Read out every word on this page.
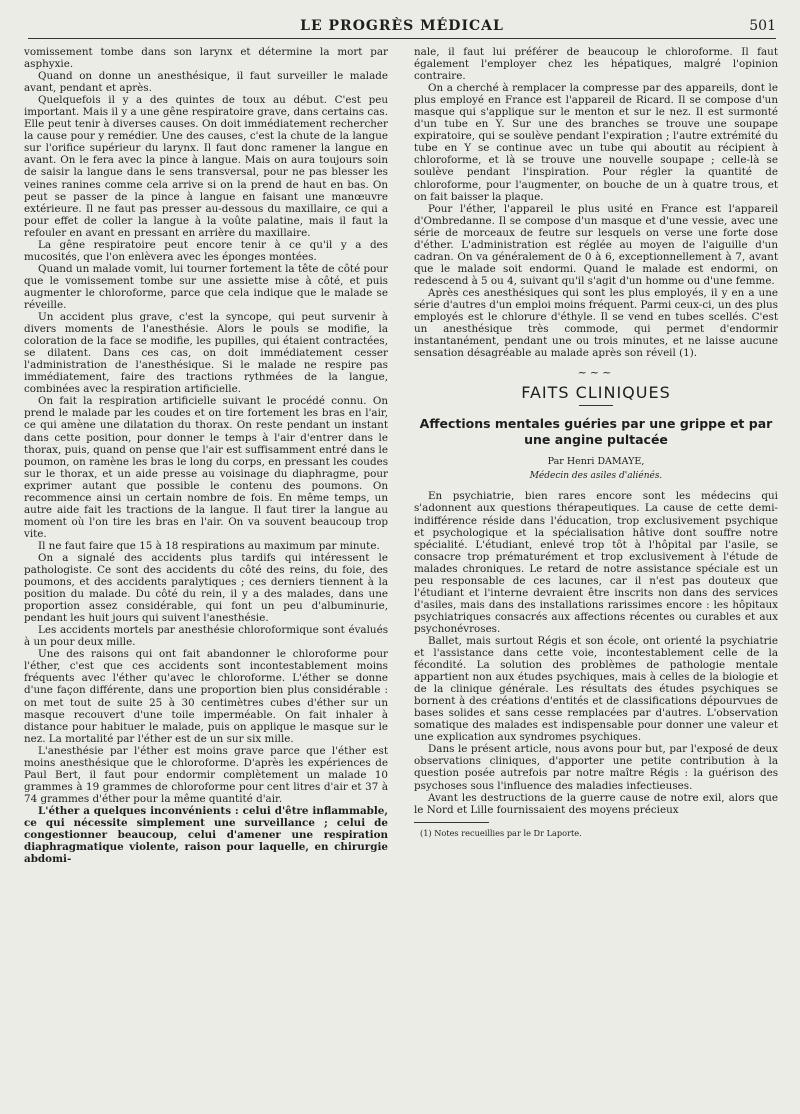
LE PROGRÈS MÉDICAL	501

vomissement tombe dans son larynx et détermine la mort par asphyxie.

Quand on donne un anesthésique, il faut surveiller le malade avant, pendant et après.

Quelquefois il y a des quintes de toux au début. C'est peu important. Mais il y a une gêne respiratoire grave, dans certains cas. Elle peut tenir à diverses causes. On doit immédiatement rechercher la cause pour y remédier. Une des causes, c'est la chute de la langue sur l'orifice supérieur du larynx. Il faut donc ramener la langue en avant. On le fera avec la pince à langue. Mais on aura toujours soin de saisir la langue dans le sens transversal, pour ne pas blesser les veines ranines comme cela arrive si on la prend de haut en bas. On peut se passer de la pince à langue en faisant une manœuvre extérieure. Il ne faut pas presser au-dessous du maxillaire, ce qui a pour effet de coller la langue à la voûte palatine, mais il faut la refouler en avant en pressant en arrière du maxillaire.

La gêne respiratoire peut encore tenir à ce qu'il y a des mucosités, que l'on enlèvera avec les éponges montées.

Quand un malade vomit, lui tourner fortement la tête de côté pour que le vomissement tombe sur une assiette mise à côté, et puis augmenter le chloroforme, parce que cela indique que le malade se réveille.

Un accident plus grave, c'est la syncope, qui peut survenir à divers moments de l'anesthésie. Alors le pouls se modifie, la coloration de la face se modifie, les pupilles, qui étaient contractées, se dilatent. Dans ces cas, on doit immédiatement cesser l'administration de l'anesthésique. Si le malade ne respire pas immédiatement, faire des tractions rythmées de la langue, combinées avec la respiration artificielle.

On fait la respiration artificielle suivant le procédé connu. On prend le malade par les coudes et on tire fortement les bras en l'air, ce qui amène une dilatation du thorax. On reste pendant un instant dans cette position, pour donner le temps à l'air d'entrer dans le thorax, puis, quand on pense que l'air est suffisamment entré dans le poumon, on ramène les bras le long du corps, en pressant les coudes sur le thorax, et un aide presse au voisinage du diaphragme, pour exprimer autant que possible le contenu des poumons. On recommence ainsi un certain nombre de fois. En même temps, un autre aide fait les tractions de la langue. Il faut tirer la langue au moment où l'on tire les bras en l'air. On va souvent beaucoup trop vite.

Il ne faut faire que 15 à 18 respirations au maximum par minute.

On a signalé des accidents plus tardifs qui intéressent le pathologiste. Ce sont des accidents du côté des reins, du foie, des poumons, et des accidents paralytiques ; ces derniers tiennent à la position du malade. Du côté du rein, il y a des malades, dans une proportion assez considérable, qui font un peu d'albuminurie, pendant les huit jours qui suivent l'anesthésie.

Les accidents mortels par anesthésie chloroformique sont évalués à un pour deux mille.

Une des raisons qui ont fait abandonner le chloroforme pour l'éther, c'est que ces accidents sont incontestablement moins fréquents avec l'éther qu'avec le chloroforme. L'éther se donne d'une façon différente, dans une proportion bien plus considérable : on met tout de suite 25 à 30 centimètres cubes d'éther sur un masque recouvert d'une toile imperméable. On fait inhaler à distance pour habituer le malade, puis on applique le masque sur le nez. La mortalité par l'éther est de un sur six mille.

L'anesthésie par l'éther est moins grave parce que l'éther est moins anesthésique que le chloroforme. D'après les expériences de Paul Bert, il faut pour endormir complètement un malade 10 grammes à 19 grammes de chloroforme pour cent litres d'air et 37 à 74 grammes d'éther pour la même quantité d'air.

L'éther a quelques inconvénients : celui d'être inflammable, ce qui nécessite simplement une surveillance ; celui de congestionner beaucoup, celui d'amener une respiration diaphragmatique violente, raison pour laquelle, en chirurgie abdomi-

nale, il faut lui préférer de beaucoup le chloroforme. Il faut également l'employer chez les hépatiques, malgré l'opinion contraire.

On a cherché à remplacer la compresse par des appareils, dont le plus employé en France est l'appareil de Ricard. Il se compose d'un masque qui s'applique sur le menton et sur le nez. Il est surmonté d'un tube en Y. Sur une des branches se trouve une soupape expiratoire, qui se soulève pendant l'expiration ; l'autre extrémité du tube en Y se continue avec un tube qui aboutit au récipient à chloroforme, et là se trouve une nouvelle soupape ; celle-là se soulève pendant l'inspiration. Pour régler la quantité de chloroforme, pour l'augmenter, on bouche de un à quatre trous, et on fait baisser la plaque.

Pour l'éther, l'appareil le plus usité en France est l'appareil d'Ombredanne. Il se compose d'un masque et d'une vessie, avec une série de morceaux de feutre sur lesquels on verse une forte dose d'éther. L'administration est réglée au moyen de l'aiguille d'un cadran. On va généralement de 0 à 6, exceptionnellement à 7, avant que le malade soit endormi. Quand le malade est endormi, on redescend à 5 ou 4, suivant qu'il s'agit d'un homme ou d'une femme.

Après ces anesthésiques qui sont les plus employés, il y en a une série d'autres d'un emploi moins fréquent. Parmi ceux-ci, un des plus employés est le chlorure d'éthyle. Il se vend en tubes scellés. C'est un anesthésique très commode, qui permet d'endormir instantanément, pendant une ou trois minutes, et ne laisse aucune sensation désagréable au malade après son réveil (1).

~~~
FAITS CLINIQUES
Affections mentales guéries par une grippe et par une angine pultacée
Par Henri DAMAYE,
Médecin des asiles d'aliénés.

En psychiatrie, bien rares encore sont les médecins qui s'adonnent aux questions thérapeutiques. La cause de cette demi-indifférence réside dans l'éducation, trop exclusivement psychique et psychologique et la spécialisation hâtive dont souffre notre spécialité. L'étudiant, enlevé trop tôt à l'hôpital par l'asile, se consacre trop prématurément et trop exclusivement à l'étude de malades chroniques. Le retard de notre assistance spéciale est un peu responsable de ces lacunes, car il n'est pas douteux que l'étudiant et l'interne devraient être inscrits non dans des services d'asiles, mais dans des installations rarissimes encore : les hôpitaux psychiatriques consacrés aux affections récentes ou curables et aux psychonévroses.

Ballet, mais surtout Régis et son école, ont orienté la psychiatrie et l'assistance dans cette voie, incontestablement celle de la fécondité. La solution des problèmes de pathologie mentale appartient non aux études psychiques, mais à celles de la biologie et de la clinique générale. Les résultats des études psychiques se bornent à des créations d'entités et de classifications dépourvues de bases solides et sans cesse remplacées par d'autres. L'observation somatique des malades est indispensable pour donner une valeur et une explication aux syndromes psychiques.

Dans le présent article, nous avons pour but, par l'exposé de deux observations cliniques, d'apporter une petite contribution à la question posée autrefois par notre maître Régis : la guérison des psychoses sous l'influence des maladies infectieuses.

Avant les destructions de la guerre cause de notre exil, alors que le Nord et Lille fournissaient des moyens précieux

(1) Notes recueillies par le Dr Laporte.
